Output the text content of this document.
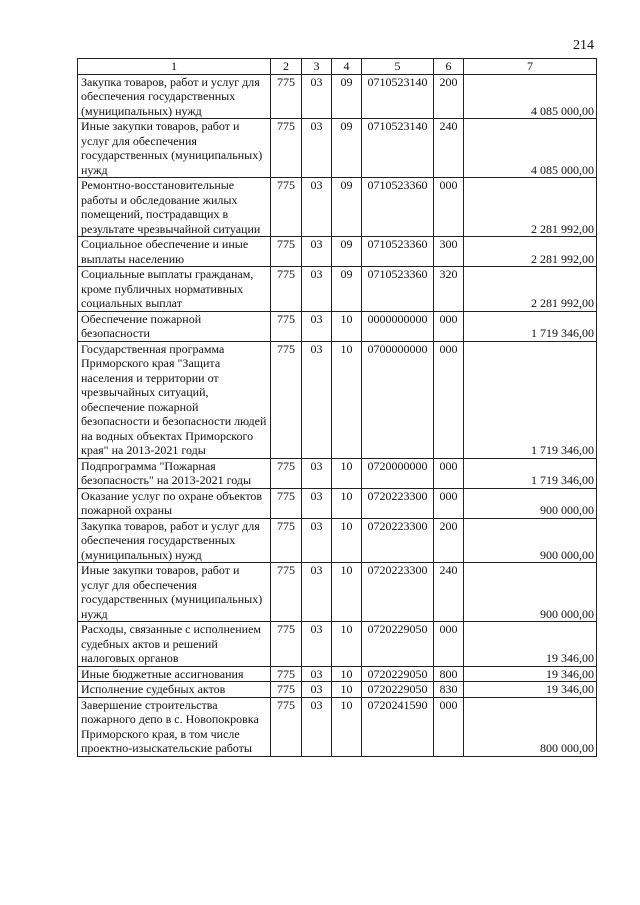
214
1	2	3	4	5	6	7
Закупка товаров, работ и услуг для обеспечения государственных (муниципальных) нужд	775	03	09	0710523140	200	4 085 000,00
Иные закупки товаров, работ и услуг для обеспечения государственных (муниципальных) нужд	775	03	09	0710523140	240	4 085 000,00
Ремонтно-восстановительные работы и обследование жилых помещений, пострадавщих в результате чрезвычайной ситуации	775	03	09	0710523360	000	2 281 992,00
Социальное обеспечение и иные выплаты населению	775	03	09	0710523360	300	2 281 992,00
Социальные выплаты гражданам, кроме публичных нормативных социальных выплат	775	03	09	0710523360	320	2 281 992,00
Обеспечение пожарной безопасности	775	03	10	0000000000	000	1 719 346,00
Государственная программа Приморского края "Защита населения и территории от чрезвычайных ситуаций, обеспечение пожарной безопасности и безопасности людей на водных объектах Приморского края" на 2013-2021 годы	775	03	10	0700000000	000	1 719 346,00
Подпрограмма "Пожарная безопасность" на 2013-2021 годы	775	03	10	0720000000	000	1 719 346,00
Оказание услуг по охране объектов пожарной охраны	775	03	10	0720223300	000	900 000,00
Закупка товаров, работ и услуг для обеспечения государственных (муниципальных) нужд	775	03	10	0720223300	200	900 000,00
Иные закупки товаров, работ и услуг для обеспечения государственных (муниципальных) нужд	775	03	10	0720223300	240	900 000,00
Расходы, связанные с исполнением судебных актов и решений налоговых органов	775	03	10	0720229050	000	19 346,00
Иные бюджетные ассигнования	775	03	10	0720229050	800	19 346,00
Исполнение судебных актов	775	03	10	0720229050	830	19 346,00
Завершение строительства пожарного депо в с. Новопокровка Приморского края, в том числе проектно-изыскательские работы	775	03	10	0720241590	000	800 000,00
